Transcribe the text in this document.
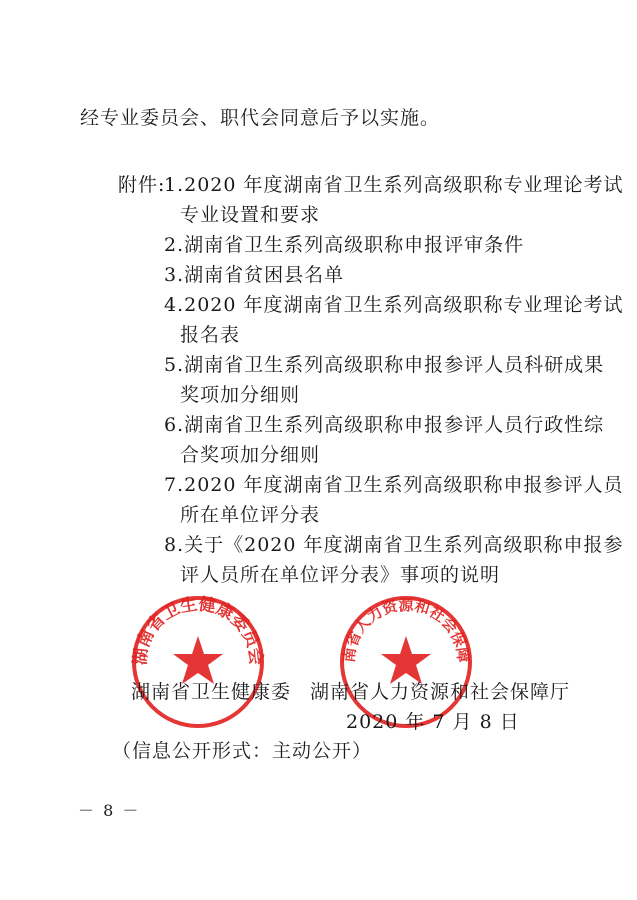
经专业委员会、职代会同意后予以实施。
附件:
1.2020 年度湖南省卫生系列高级职称专业理论考试
专业设置和要求
2.湖南省卫生系列高级职称申报评审条件
3.湖南省贫困县名单
4.2020 年度湖南省卫生系列高级职称专业理论考试
报名表
5.湖南省卫生系列高级职称申报参评人员科研成果
奖项加分细则
6.湖南省卫生系列高级职称申报参评人员行政性综
合奖项加分细则
7.2020 年度湖南省卫生系列高级职称申报参评人员
所在单位评分表
8.关于《2020 年度湖南省卫生系列高级职称申报参
评人员所在单位评分表》事项的说明
湖南省卫生健康委员会	南省人力资源和社会保障
湖南省卫生健康委 湖南省人力资源和社会保障厅
2020 年 7 月 8 日
（信息公开形式：主动公开）
－ 8 －
